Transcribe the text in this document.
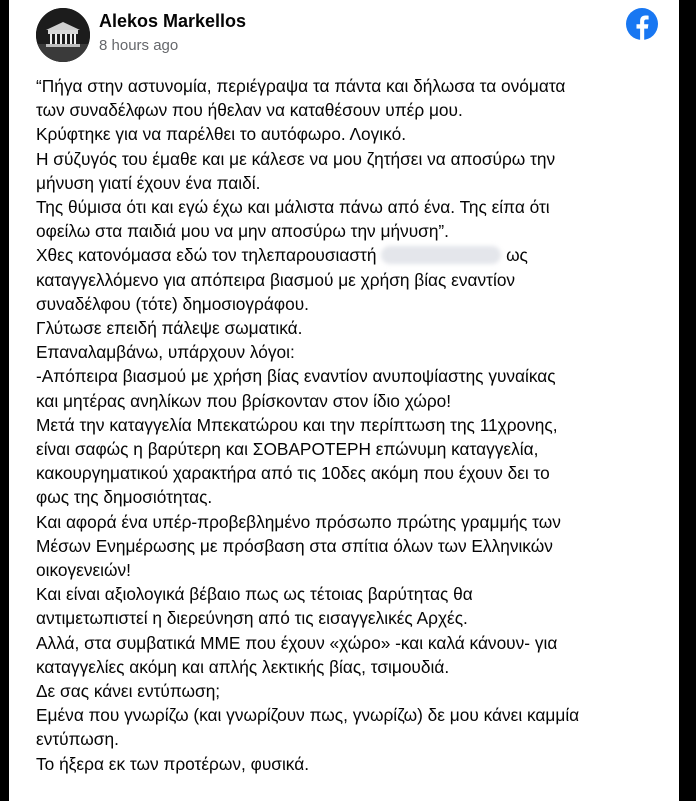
Alekos Markellos
8 hours ago

“Πήγα στην αστυνομία, περιέγραψα τα πάντα και δήλωσα τα ονόματα

των συναδέλφων που ήθελαν να καταθέσουν υπέρ μου.

Κρύφτηκε για να παρέλθει το αυτόφωρο. Λογικό.

Η σύζυγός του έμαθε και με κάλεσε να μου ζητήσει να αποσύρω την

μήνυση γιατί έχουν ένα παιδί.

Της θύμισα ότι και εγώ έχω και μάλιστα πάνω από ένα. Της είπα ότι

οφείλω στα παιδιά μου να μην αποσύρω την μήνυση”.

Χθες κατονόμασα εδώ τον τηλεπαρουσιαστή	ως

καταγγελλόμενο για απόπειρα βιασμού με χρήση βίας εναντίον

συναδέλφου (τότε) δημοσιογράφου.

Γλύτωσε επειδή πάλεψε σωματικά.

Επαναλαμβάνω, υπάρχουν λόγοι:

-Απόπειρα βιασμού με χρήση βίας εναντίον ανυποψίαστης γυναίκας

και μητέρας ανηλίκων που βρίσκονταν στον ίδιο χώρο!

Μετά την καταγγελία Μπεκατώρου και την περίπτωση της 11χρονης,

είναι σαφώς η βαρύτερη και ΣΟΒΑΡΟΤΕΡΗ επώνυμη καταγγελία,

κακουργηματικού χαρακτήρα από τις 10δες ακόμη που έχουν δει το

φως της δημοσιότητας.

Και αφορά ένα υπέρ-προβεβλημένο πρόσωπο πρώτης γραμμής των

Μέσων Ενημέρωσης με πρόσβαση στα σπίτια όλων των Ελληνικών

οικογενειών!

Και είναι αξιολογικά βέβαιο πως ως τέτοιας βαρύτητας θα

αντιμετωπιστεί η διερεύνηση από τις εισαγγελικές Αρχές.

Αλλά, στα συμβατικά ΜΜΕ που έχουν «χώρο» -και καλά κάνουν- για

καταγγελίες ακόμη και απλής λεκτικής βίας, τσιμουδιά.

Δε σας κάνει εντύπωση;

Εμένα που γνωρίζω (και γνωρίζουν πως, γνωρίζω) δε μου κάνει καμμία

εντύπωση.

Το ήξερα εκ των προτέρων, φυσικά.
